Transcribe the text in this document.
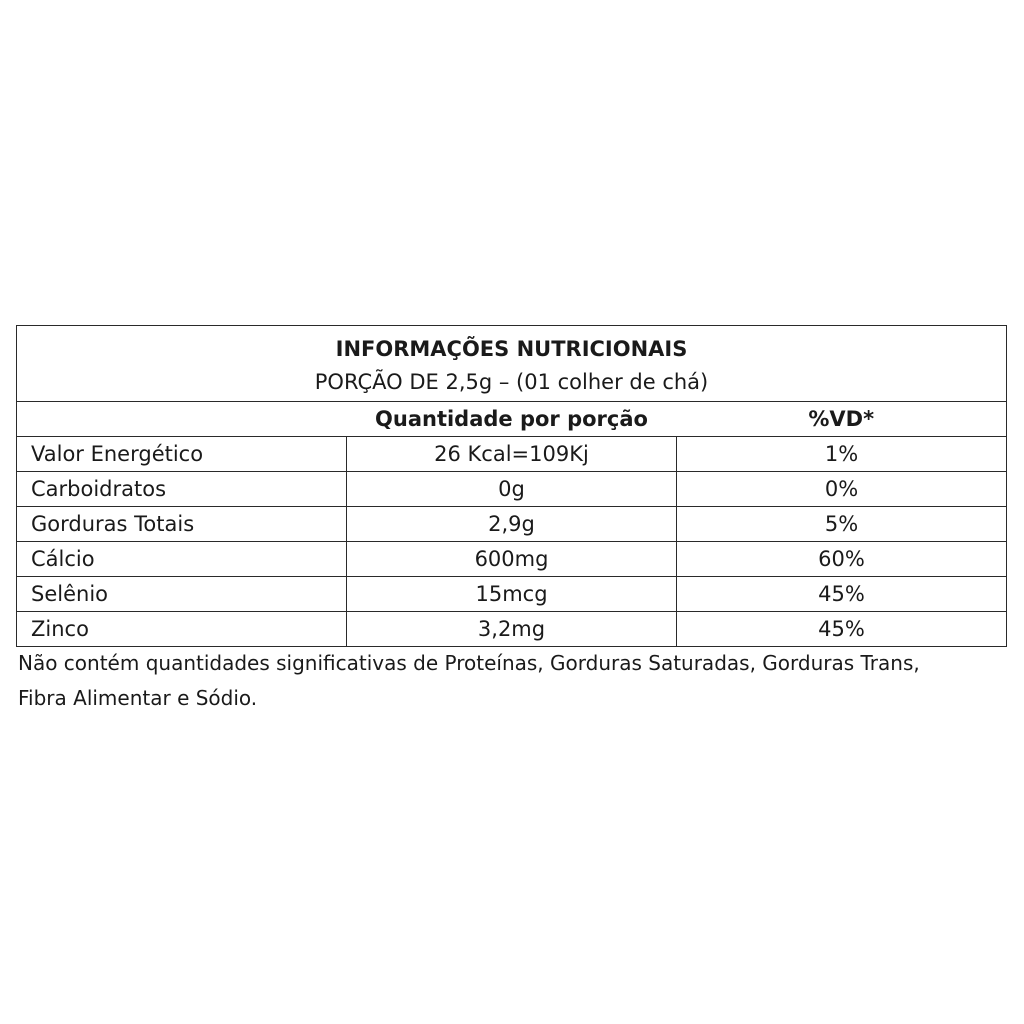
INFORMAÇÕES NUTRICIONAIS
PORÇÃO DE 2,5g – (01 colher de chá)		

	Quantidade por porção	%VD*
Valor Energético	26 Kcal=109Kj	1%
Carboidratos	0g	0%
Gorduras Totais	2,9g	5%
Cálcio	600mg	60%
Selênio	15mcg	45%
Zinco	3,2mg	45%
Não contém quantidades significativas de Proteínas, Gorduras Saturadas, Gorduras Trans,
Fibra Alimentar e Sódio.
